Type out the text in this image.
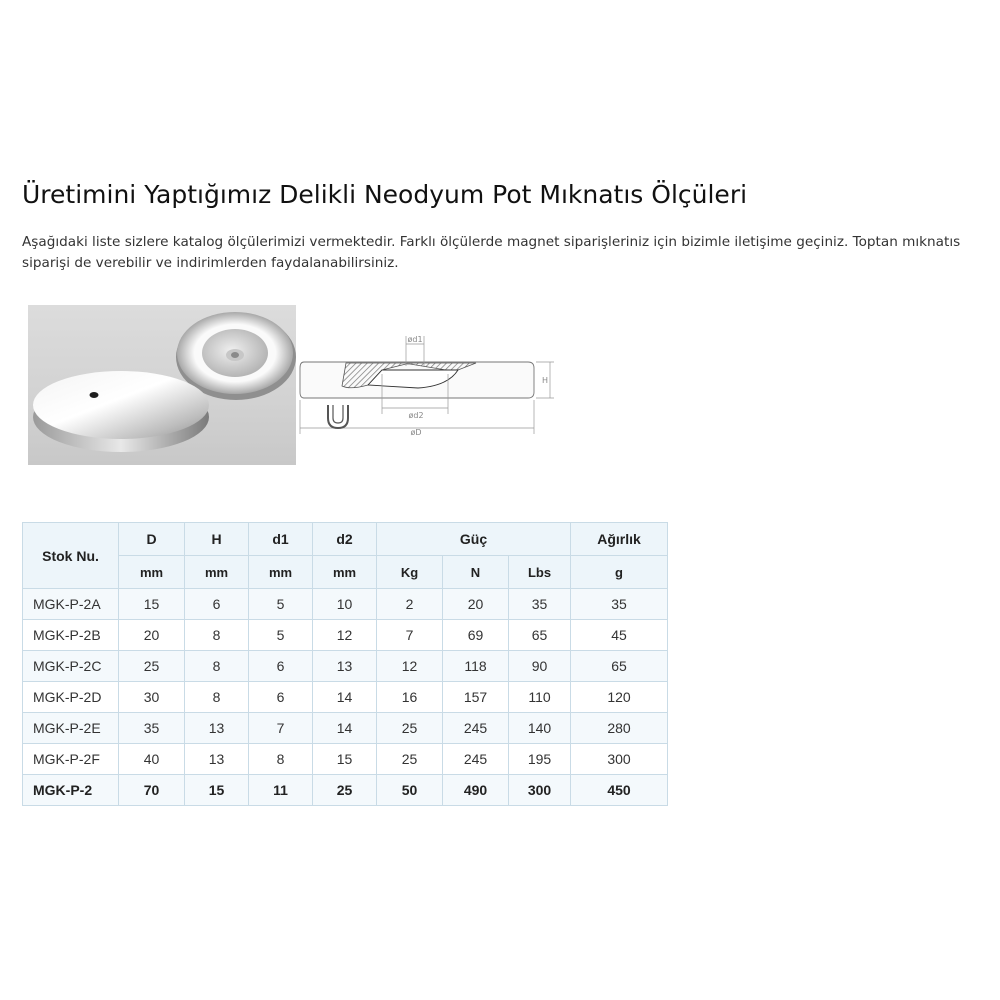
Üretimini Yaptığımız Delikli Neodyum Pot Mıknatıs Ölçüleri

Aşağıdaki liste sizlere katalog ölçülerimizi vermektedir. Farklı ölçülerde magnet siparişleriniz için bizimle iletişime geçiniz. Toptan mıknatıs siparişi de verebilir ve indirimlerden faydalanabilirsiniz.

ød1
ød2
øD
H
Stok Nu.	D	H	d1	d2	Güç			Ağırlık
	mm	mm	mm	mm	Kg	N	Lbs	g
MGK-P-2A	15	6	5	10	2	20	35	35
MGK-P-2B	20	8	5	12	7	69	65	45
MGK-P-2C	25	8	6	13	12	118	90	65
MGK-P-2D	30	8	6	14	16	157	110	120
MGK-P-2E	35	13	7	14	25	245	140	280
MGK-P-2F	40	13	8	15	25	245	195	300
MGK-P-2	70	15	11	25	50	490	300	450
